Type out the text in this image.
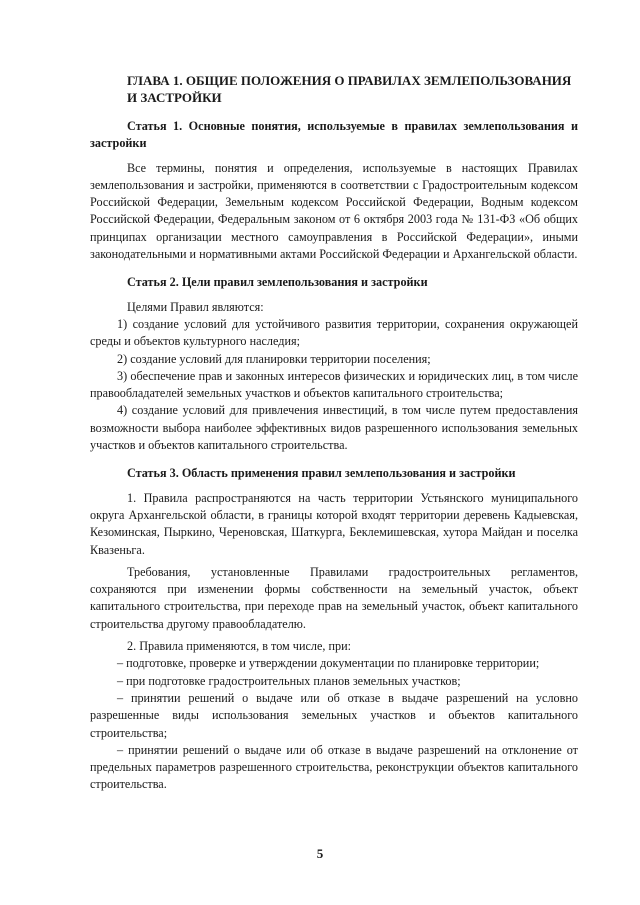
ГЛАВА 1. ОБЩИЕ ПОЛОЖЕНИЯ О ПРАВИЛАХ ЗЕМЛЕПОЛЬЗОВАНИЯ И ЗАСТРОЙКИ
Статья 1. Основные понятия, используемые в правилах землепользования и застройки

Все термины, понятия и определения, используемые в настоящих Правилах землепользования и застройки, применяются в соответствии с Градостроительным кодексом Российской Федерации, Земельным кодексом Российской Федерации, Водным кодексом Российской Федерации, Федеральным законом от 6 октября 2003 года № 131-ФЗ «Об общих принципах организации местного самоуправления в Российской Федерации», иными законодательными и нормативными актами Российской Федерации и Архангельской области.

Статья 2. Цели правил землепользования и застройки

Целями Правил являются:

1) создание условий для устойчивого развития территории, сохранения окружающей среды и объектов культурного наследия;

2) создание условий для планировки территории поселения;

3) обеспечение прав и законных интересов физических и юридических лиц, в том числе правообладателей земельных участков и объектов капитального строительства;

4) создание условий для привлечения инвестиций, в том числе путем предоставления возможности выбора наиболее эффективных видов разрешенного использования земельных участков и объектов капитального строительства.

Статья 3. Область применения правил землепользования и застройки

1. Правила распространяются на часть территории Устьянского муниципального округа Архангельской области, в границы которой входят территории деревень Кадыевская, Кезоминская, Пыркино, Череновская, Шаткурга, Беклемишевская, хутора Майдан и поселка Квазеньга.

Требования, установленные Правилами градостроительных регламентов, сохраняются при изменении формы собственности на земельный участок, объект капитального строительства, при переходе прав на земельный участок, объект капитального строительства другому правообладателю.

2. Правила применяются, в том числе, при:

– подготовке, проверке и утверждении документации по планировке территории;

– при подготовке градостроительных планов земельных участков;

– принятии решений о выдаче или об отказе в выдаче разрешений на условно разрешенные виды использования земельных участков и объектов капитального строительства;

– принятии решений о выдаче или об отказе в выдаче разрешений на отклонение от предельных параметров разрешенного строительства, реконструкции объектов капитального строительства.

5
